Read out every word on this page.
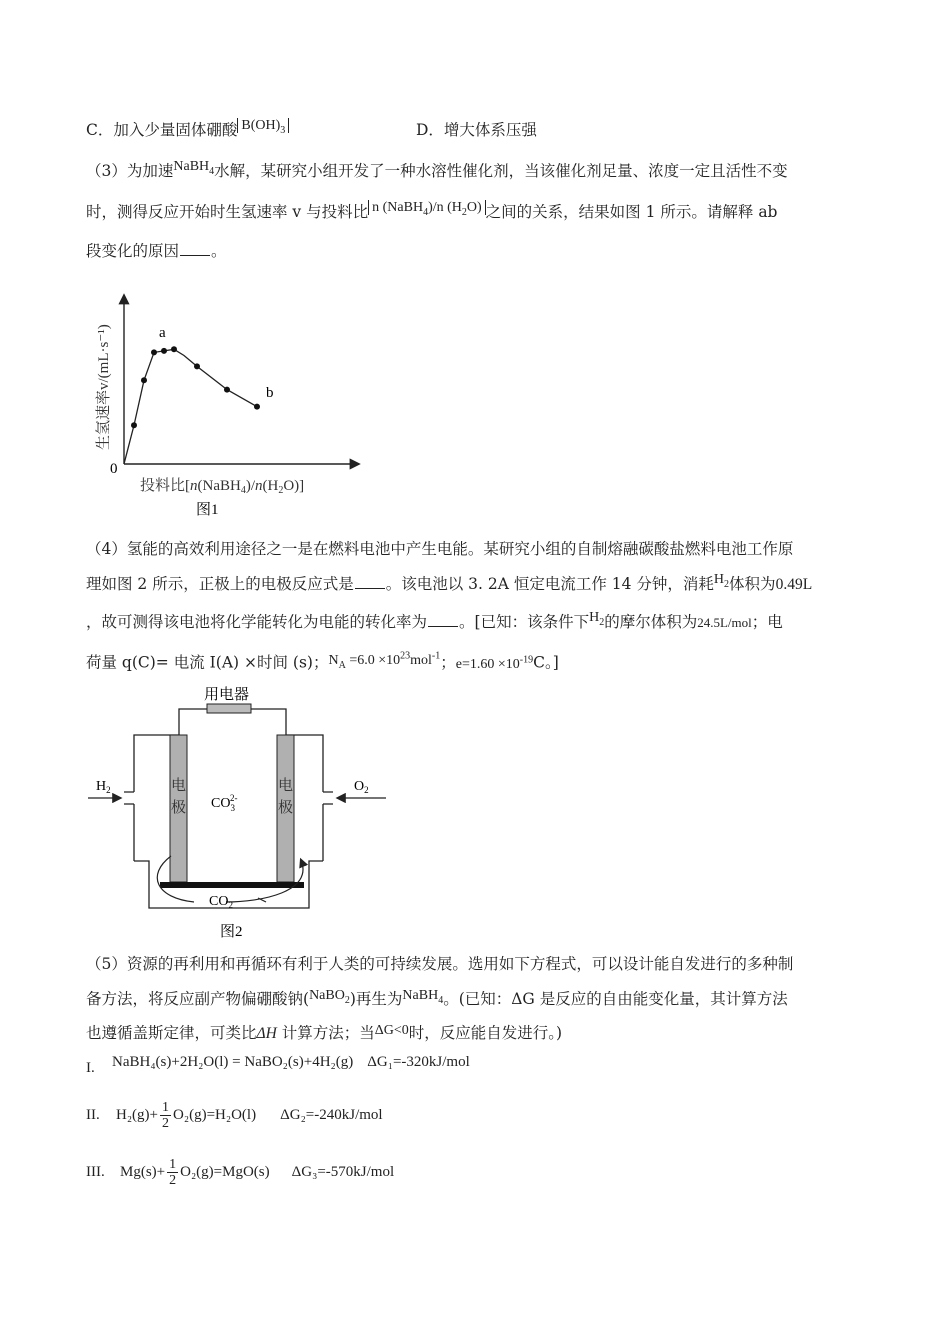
C．加入少量固体硼酸 $B(OH)_3$	D．增大体系压强
（3）为加速NaBH$_4$水解，某研究小组开发了一种水溶性催化剂，当该催化剂足量、浓度一定且活性不变
时，测得反应开始时生氢速率 v 与投料比 n (NaBH$_4$)/n $(H_2O)$ 之间的关系，结果如图 1 所示。请解释 ab
段变化的原因 。
生氢速率v/(mL·s⁻¹)
0
a
b
投料比$[n(NaBH_4)/n(H_2O)]$
图1
（4）氢能的高效利用途径之一是在燃料电池中产生电能。某研究小组的自制熔融碳酸盐燃料电池工作原
理如图 2 所示，正极上的电极反应式是 。该电池以 3. 2A 恒定电流工作 14 分钟，消耗$H_2$体积为0.49L
，故可测得该电池将化学能转化为电能的转化率为 。[已知：该条件下$H_2$的摩尔体积为24.5L/mol；电
荷量 q(C)= 电流 I(A) ×时间 (s)；$N_A =6.0 \times 10^{23}mol^{-1}$；$e=1.60 \times 10^{-19}C$。]
用电器
$H_2$	$O_2$
电
极
电
极
$CO_32-$
$CO_2$
图2
（5）资源的再利用和再循环有利于人类的可持续发展。选用如下方程式，可以设计能自发进行的多种制
备方法，将反应副产物偏硼酸钠(NaBO$_2$)再生为NaBH$_4$。(已知：ΔG 是反应的自由能变化量，其计算方法
也遵循盖斯定律，可类比ΔH 计算方法；当ΔG<0时，反应能自发进行。)
I. NaBH₄(s)+2H₂O(l) = NaBO₂(s)+4H₂(g) ΔG₁=-320kJ/mol
II. $H_2(g)+ \frac{1}{2} O_2(g)=H_2O(l)$ ΔG₂=-240kJ/mol
III. $Mg(s)+ \frac{1}{2} O_2(g)=MgO(s)$ ΔG₃=-570kJ/mol
